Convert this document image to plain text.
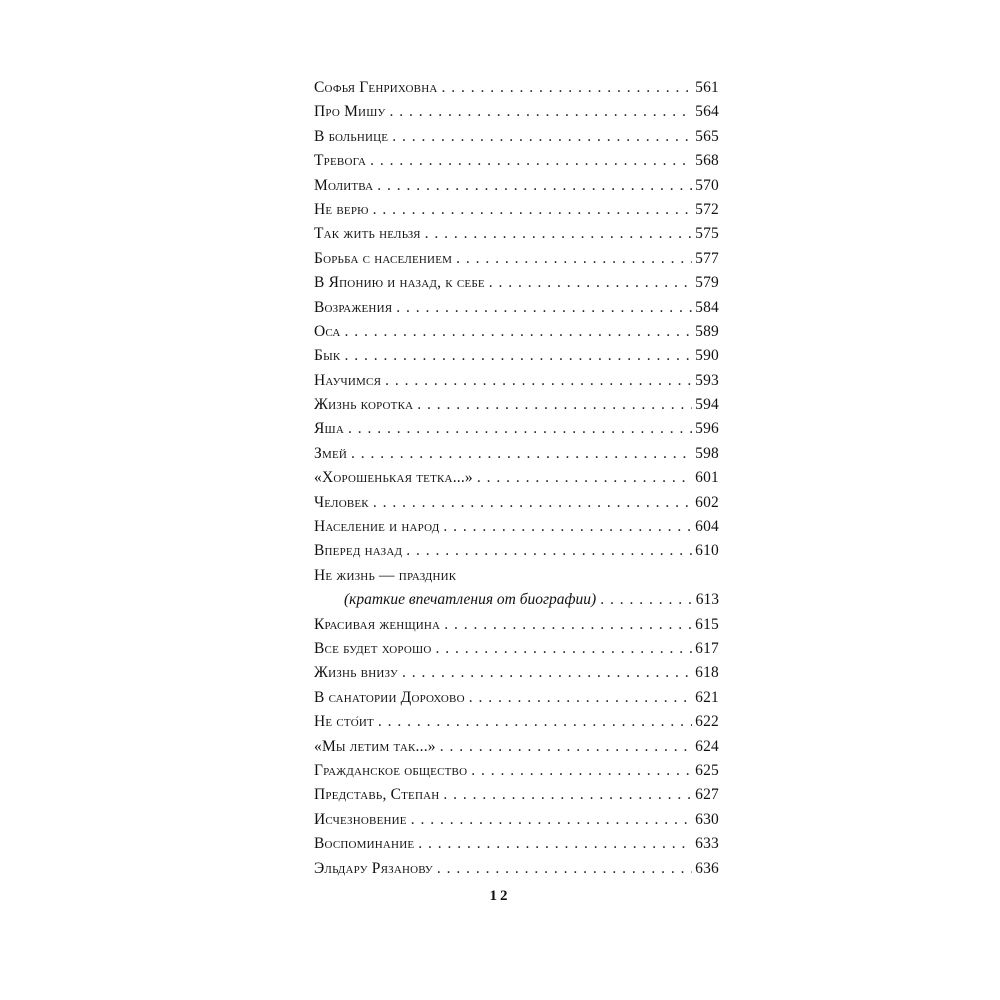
Софья Генриховна . . .	561
Про Мишу . . .	564
В больнице . . .	565
Тревога . . .	568
Молитва . . .	570
Не верю . . .	572
Так жить нельзя . . .	575
Борьба с населением . . .	577
В Японию и назад, к себе . . .	579
Возражения . . .	584
Оса . . .	589
Бык . . .	590
Научимся . . .	593
Жизнь коротка . . .	594
Яша . . .	596
Змей . . .	598
«Хорошенькая тетка...» . . .	601
Человек . . .	602
Население и народ . . .	604
Вперед назад . . .	610
Не жизнь — праздник
(краткие впечатления от биографии) . . .	613
Красивая женщина . . .	615
Все будет хорошо . . .	617
Жизнь внизу . . .	618
В санатории Дорохово . . .	621
Не сто́ит . . .	622
«Мы летим так...» . . .	624
Гражданское общество . . .	625
Представь, Степан . . .	627
Исчезновение . . .	630
Воспоминание . . .	633
Эльдару Рязанову . . .	636
12
